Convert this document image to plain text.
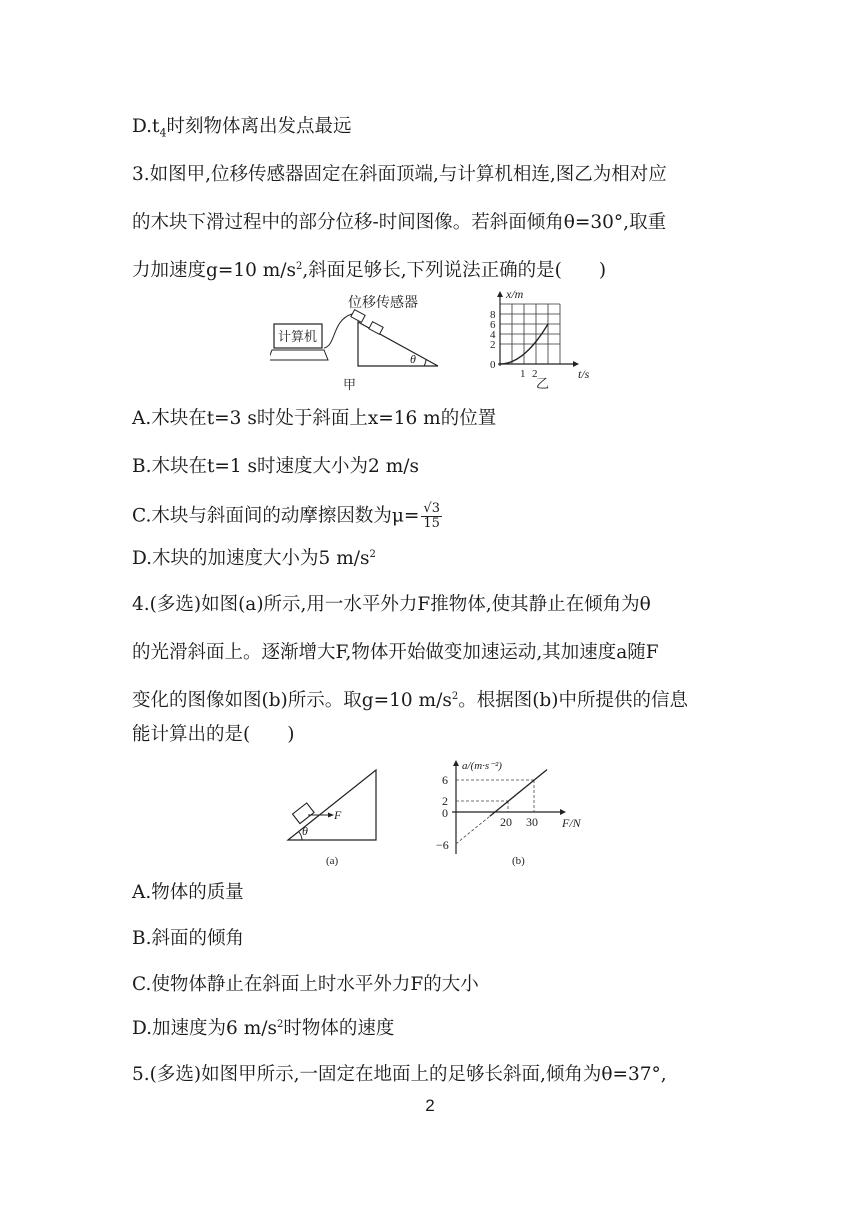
$D.t_4$时刻物体离出发点最远
3.如图甲,位移传感器固定在斜面顶端,与计算机相连,图乙为相对应
的木块下滑过程中的部分位移-时间图像。若斜面倾角θ=30°,取重
力加速度g=10 $m/s^2$,斜面足够长,下列说法正确的是(　　)
位移传感器
θ
计算机
甲
x/m
8
6
4
2
0
1 2	t/s
乙
A.木块在t=3 s时处于斜面上x=16 m的位置
B.木块在t=1 s时速度大小为2 m/s
C.木块与斜面间的动摩擦因数为$\mu= \frac{√3}{15}$
D.木块的加速度大小为5 $m/s^2$
4.(多选)如图(a)所示,用一水平外力F推物体,使其静止在倾角为θ
的光滑斜面上。逐渐增大F,物体开始做变加速运动,其加速度a随F
变化的图像如图(b)所示。取g=10 $m/s^2$。根据图(b)中所提供的信息
能计算出的是(　　)
F
θ
(a)
a/(m·s⁻²)
6
2
0
−6
20 30 F/N
(b)
A.物体的质量
B.斜面的倾角
C.使物体静止在斜面上时水平外力F的大小
D.加速度为6 $m/s^2$时物体的速度
5.(多选)如图甲所示,一固定在地面上的足够长斜面,倾角为θ=37°,
2
